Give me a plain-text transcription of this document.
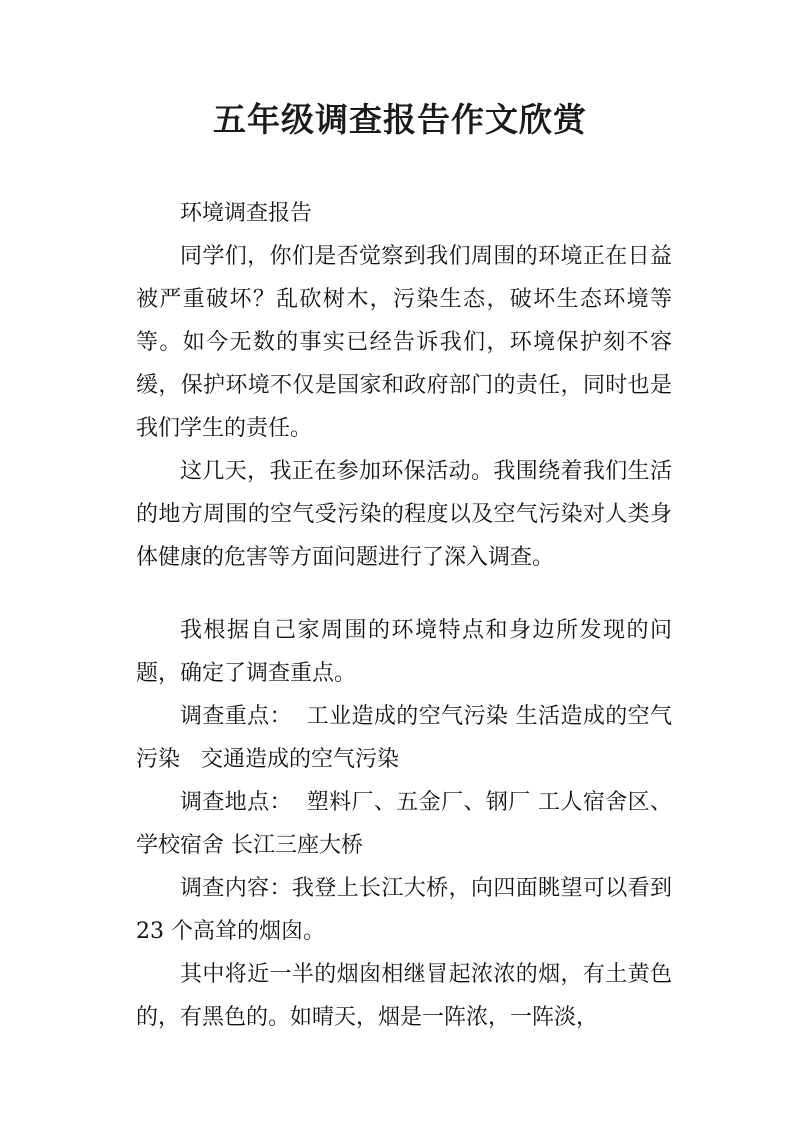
五年级调查报告作文欣赏

环境调查报告

同学们，你们是否觉察到我们周围的环境正在日益被严重破坏？乱砍树木，污染生态，破坏生态环境等等。如今无数的事实已经告诉我们，环境保护刻不容缓，保护环境不仅是国家和政府部门的责任，同时也是我们学生的责任。

这几天，我正在参加环保活动。我围绕着我们生活的地方周围的空气受污染的程度以及空气污染对人类身体健康的危害等方面问题进行了深入调查。

我根据自己家周围的环境特点和身边所发现的问题，确定了调查重点。

调查重点：  工业造成的空气污染 生活造成的空气污染   交通造成的空气污染

调查地点：  塑料厂、五金厂、钢厂 工人宿舍区、学校宿舍 长江三座大桥

调查内容：我登上长江大桥，向四面眺望可以看到 23 个高耸的烟囱。

其中将近一半的烟囱相继冒起浓浓的烟，有土黄色的，有黑色的。如晴天，烟是一阵浓，一阵淡，
